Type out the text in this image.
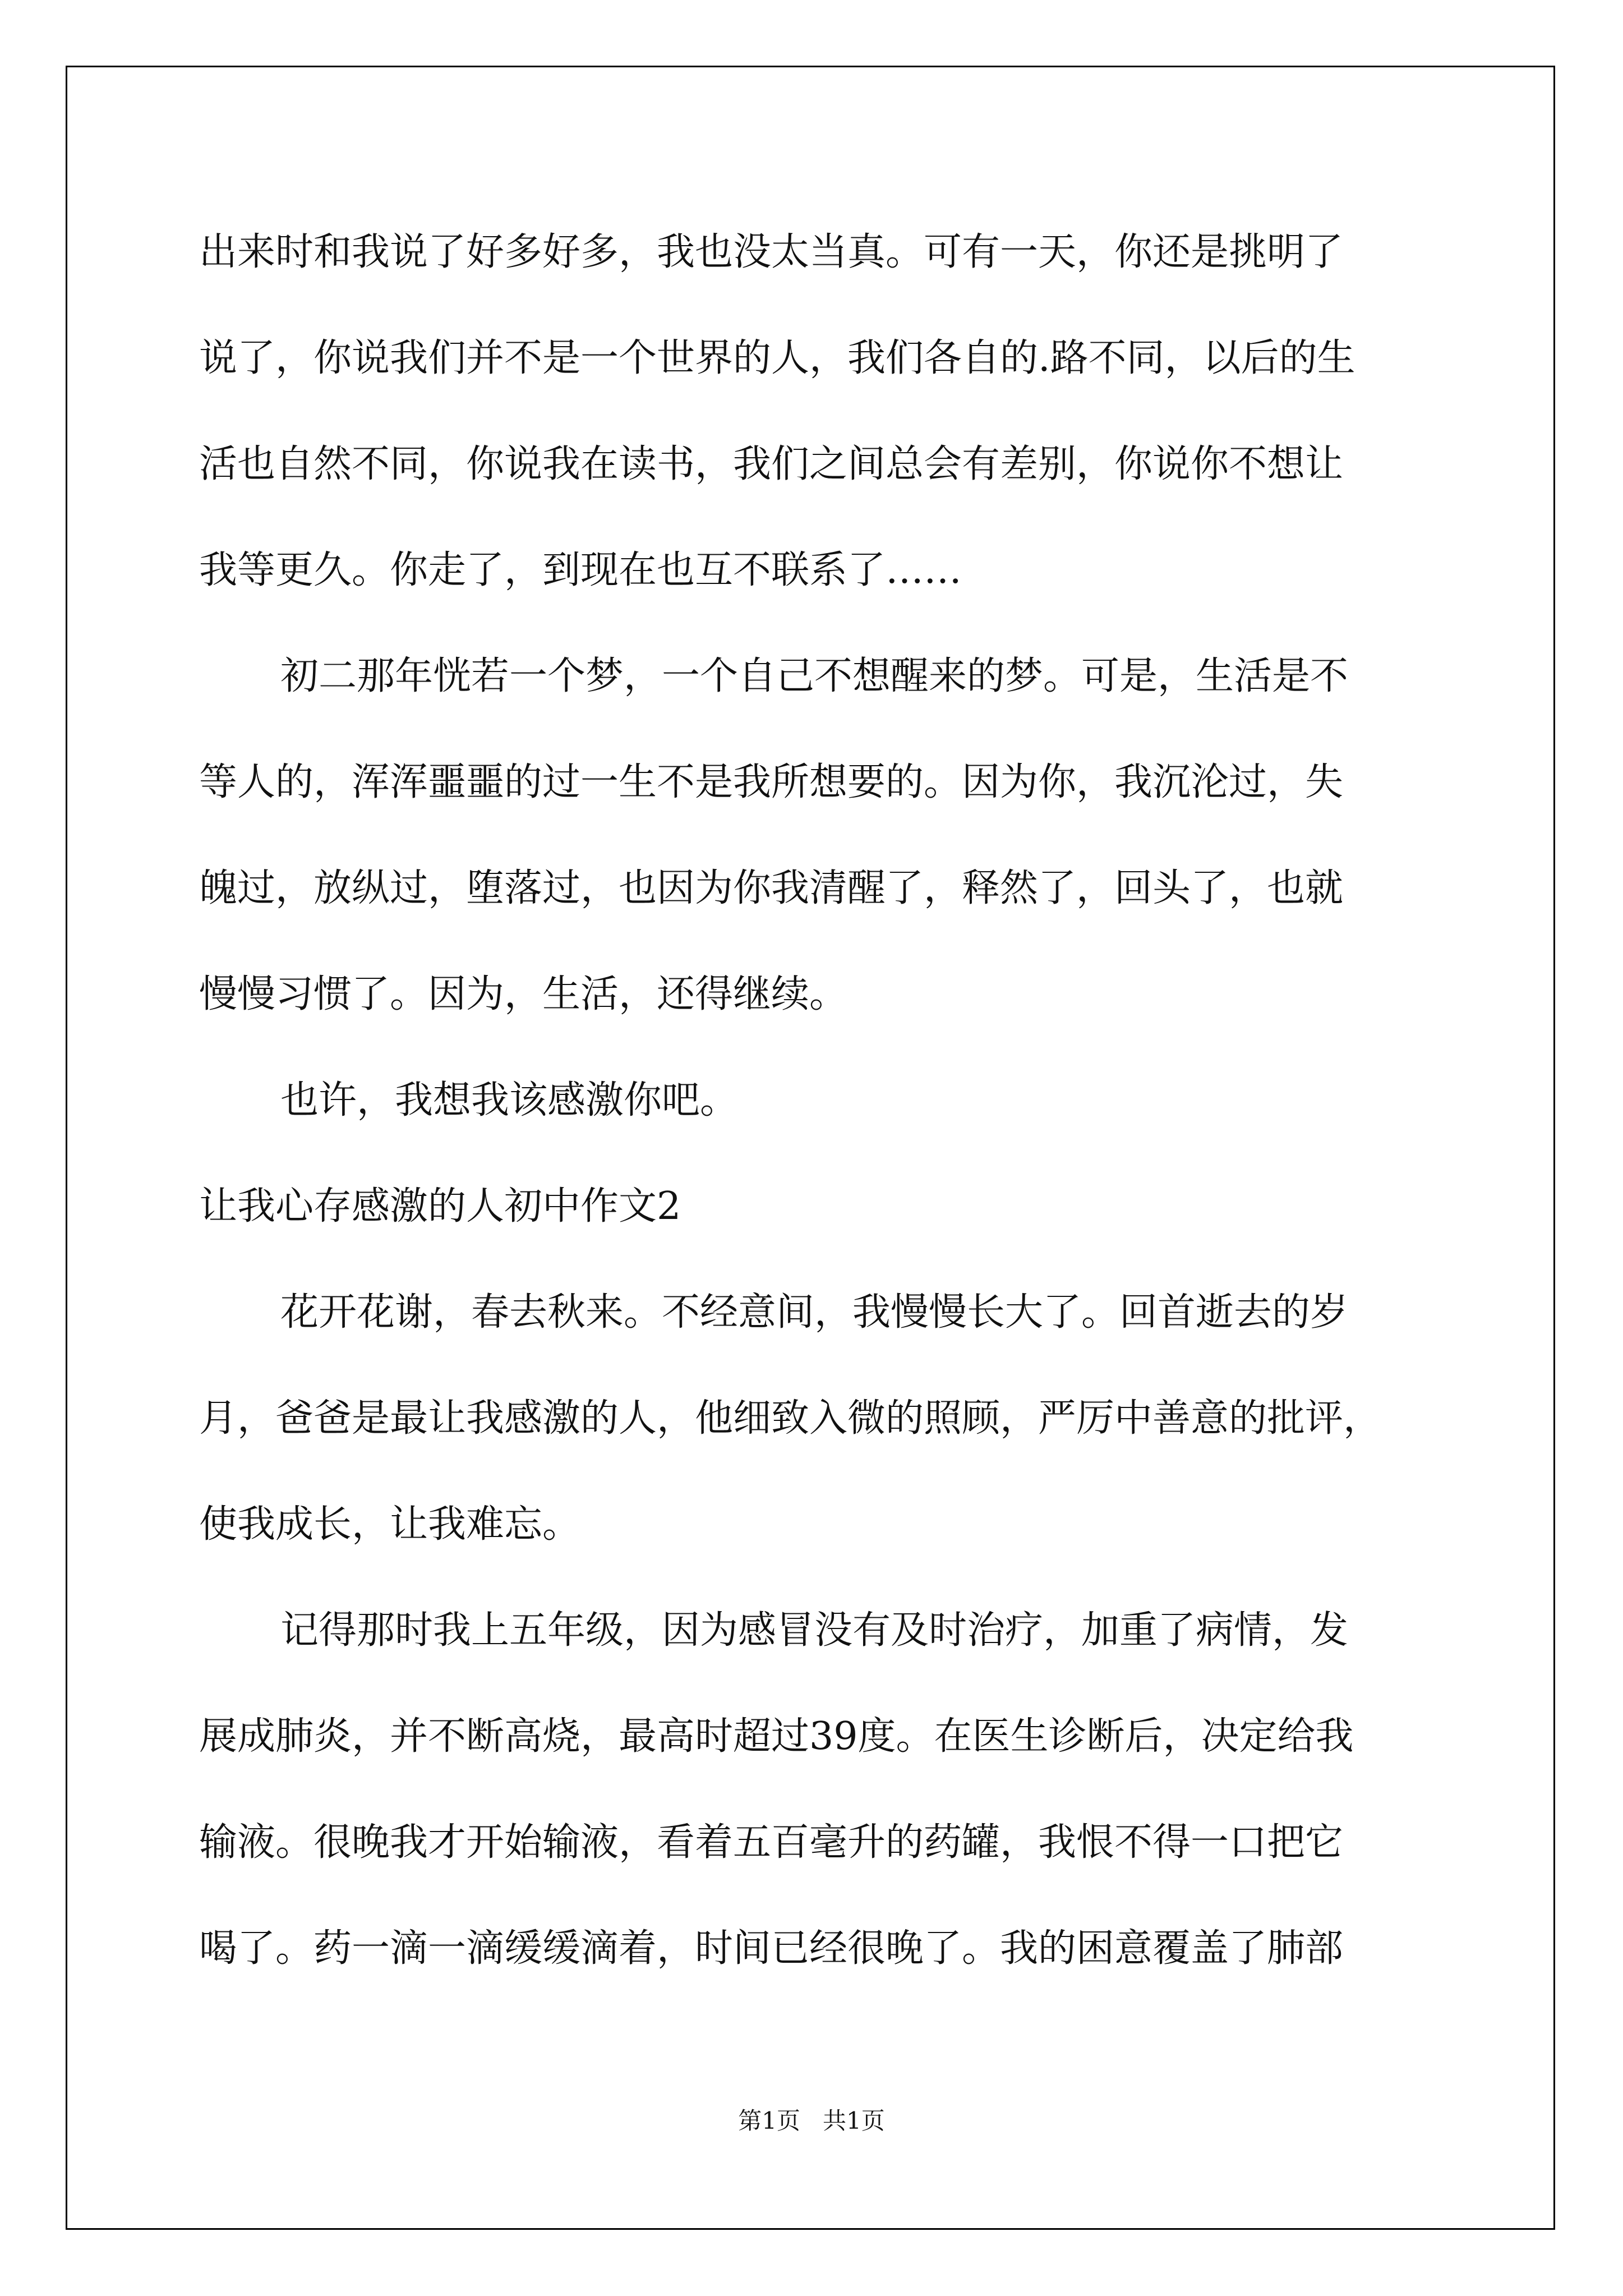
出来时和我说了好多好多，我也没太当真。可有一天，你还是挑明了
说了，你说我们并不是一个世界的人，我们各自的.路不同，以后的生
活也自然不同，你说我在读书，我们之间总会有差别，你说你不想让
我等更久。你走了，到现在也互不联系了……
初二那年恍若一个梦，一个自己不想醒来的梦。可是，生活是不
等人的，浑浑噩噩的过一生不是我所想要的。因为你，我沉沦过，失
魄过，放纵过，堕落过，也因为你我清醒了，释然了，回头了，也就
慢慢习惯了。因为，生活，还得继续。
也许，我想我该感激你吧。
让我心存感激的人初中作文2
花开花谢，春去秋来。不经意间，我慢慢长大了。回首逝去的岁
月，爸爸是最让我感激的人，他细致入微的照顾，严厉中善意的批评，
使我成长，让我难忘。
记得那时我上五年级，因为感冒没有及时治疗，加重了病情，发
展成肺炎，并不断高烧，最高时超过39度。在医生诊断后，决定给我
输液。很晚我才开始输液，看着五百毫升的药罐，我恨不得一口把它
喝了。药一滴一滴缓缓滴着，时间已经很晚了。我的困意覆盖了肺部
第1页   共1页
